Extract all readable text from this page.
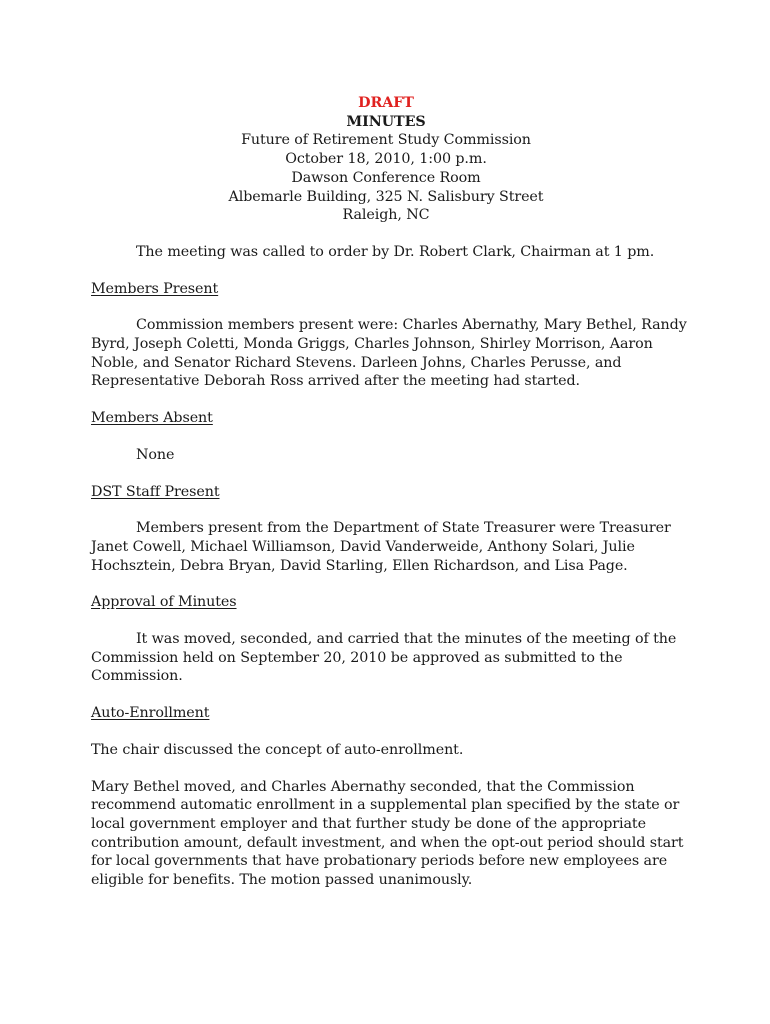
DRAFT
MINUTES
Future of Retirement Study Commission
October 18, 2010, 1:00 p.m.
Dawson Conference Room
Albemarle Building, 325 N. Salisbury Street
Raleigh, NC

The meeting was called to order by Dr. Robert Clark, Chairman at 1 pm.

Members Present

Commission members present were: Charles Abernathy, Mary Bethel, Randy
Byrd, Joseph Coletti, Monda Griggs, Charles Johnson, Shirley Morrison, Aaron
Noble, and Senator Richard Stevens. Darleen Johns, Charles Perusse, and
Representative Deborah Ross arrived after the meeting had started.

Members Absent

None

DST Staff Present

Members present from the Department of State Treasurer were Treasurer
Janet Cowell, Michael Williamson, David Vanderweide, Anthony Solari, Julie
Hochsztein, Debra Bryan, David Starling, Ellen Richardson, and Lisa Page.

Approval of Minutes

It was moved, seconded, and carried that the minutes of the meeting of the
Commission held on September 20, 2010 be approved as submitted to the
Commission.

Auto-Enrollment

The chair discussed the concept of auto-enrollment.

Mary Bethel moved, and Charles Abernathy seconded, that the Commission
recommend automatic enrollment in a supplemental plan specified by the state or
local government employer and that further study be done of the appropriate
contribution amount, default investment, and when the opt-out period should start
for local governments that have probationary periods before new employees are
eligible for benefits. The motion passed unanimously.
